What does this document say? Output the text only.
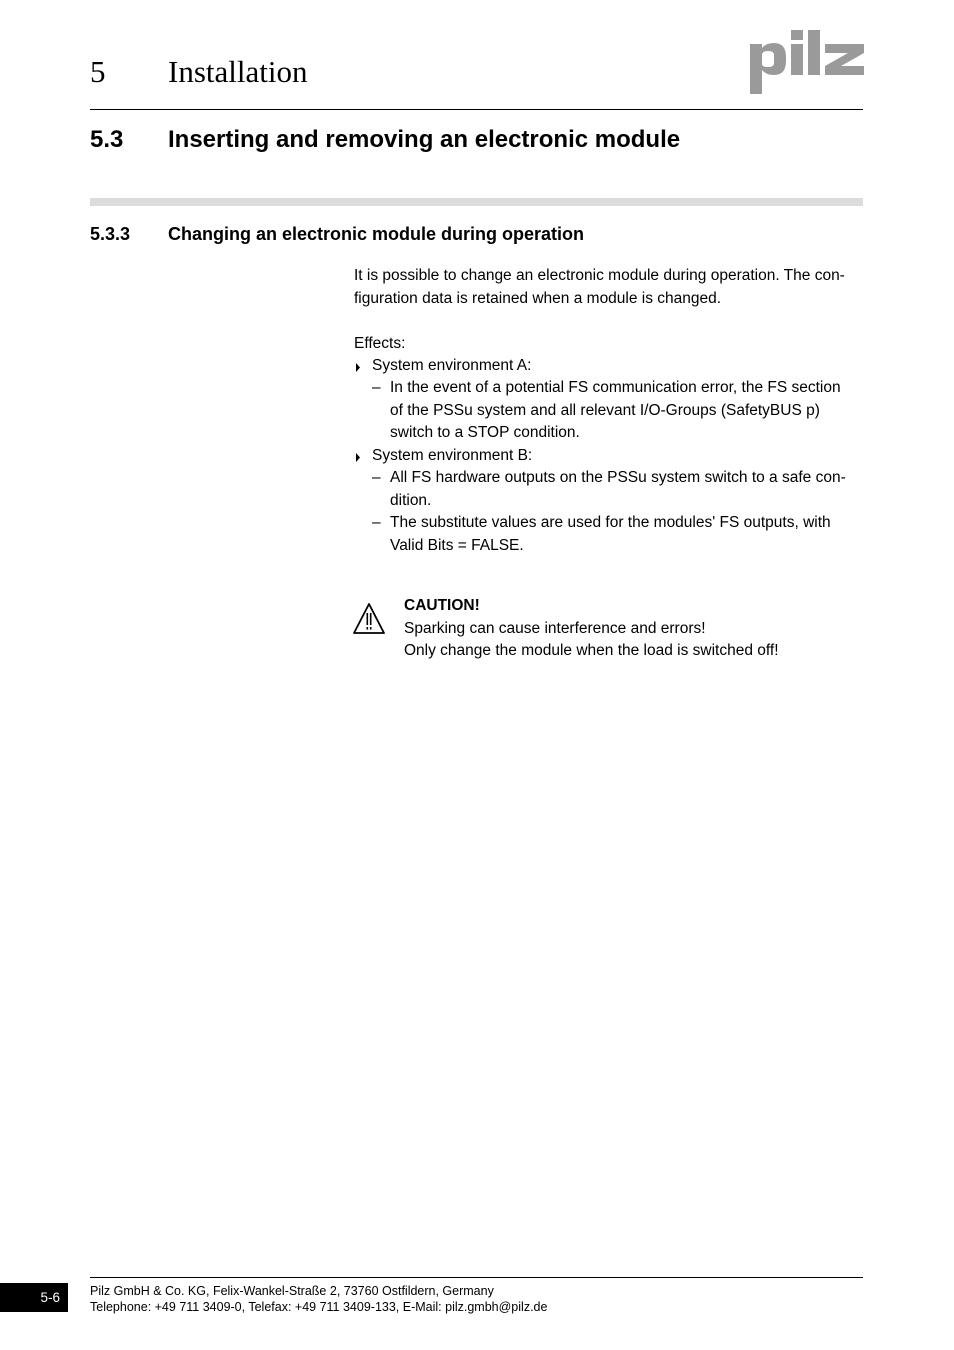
5 Installation
5.3 Inserting and removing an electronic module
5.3.3 Changing an electronic module during operation
It is possible to change an electronic module during operation. The con-
figuration data is retained when a module is changed.
Effects:
System environment A:
– In the event of a potential FS communication error, the FS section
of the PSSu system and all relevant I/O-Groups (SafetyBUS p)
switch to a STOP condition.
System environment B:
– All FS hardware outputs on the PSSu system switch to a safe con-
dition.
– The substitute values are used for the modules' FS outputs, with
Valid Bits = FALSE.
CAUTION!
Sparking can cause interference and errors!
Only change the module when the load is switched off!
5-6	Pilz GmbH & Co. KG, Felix-Wankel-Straße 2, 73760 Ostfildern, Germany
Telephone: +49 711 3409-0, Telefax: +49 711 3409-133, E-Mail: pilz.gmbh@pilz.de
